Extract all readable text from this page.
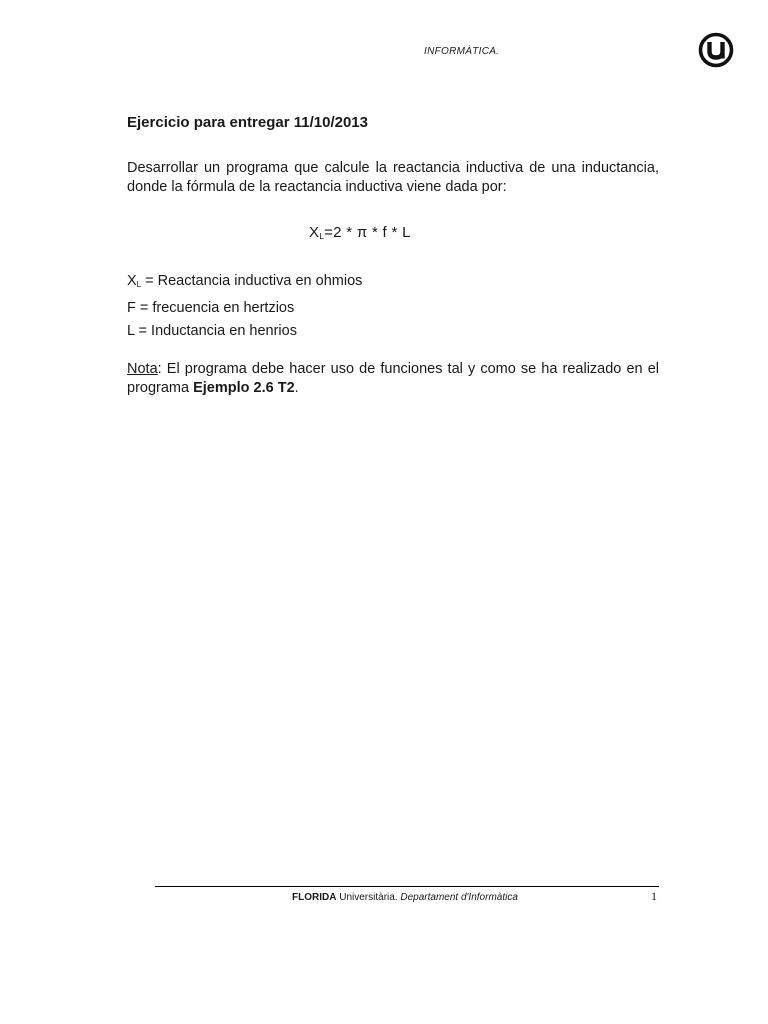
INFORMÀTICA.

Ejercicio para entregar 11/10/2013

Desarrollar un programa que calcule la reactancia inductiva de una inductancia, donde la fórmula de la reactancia inductiva viene dada por:

$X_L=2 * \pi * f * L$
$X_L$ = Reactancia inductiva en ohmios
F = frecuencia en hertzios
L = Inductancia en henrios

Nota: El programa debe hacer uso de funciones tal y como se ha realizado en el programa Ejemplo 2.6 T2.

FLORIDA Universitària. Departament d'Informàtica	1
